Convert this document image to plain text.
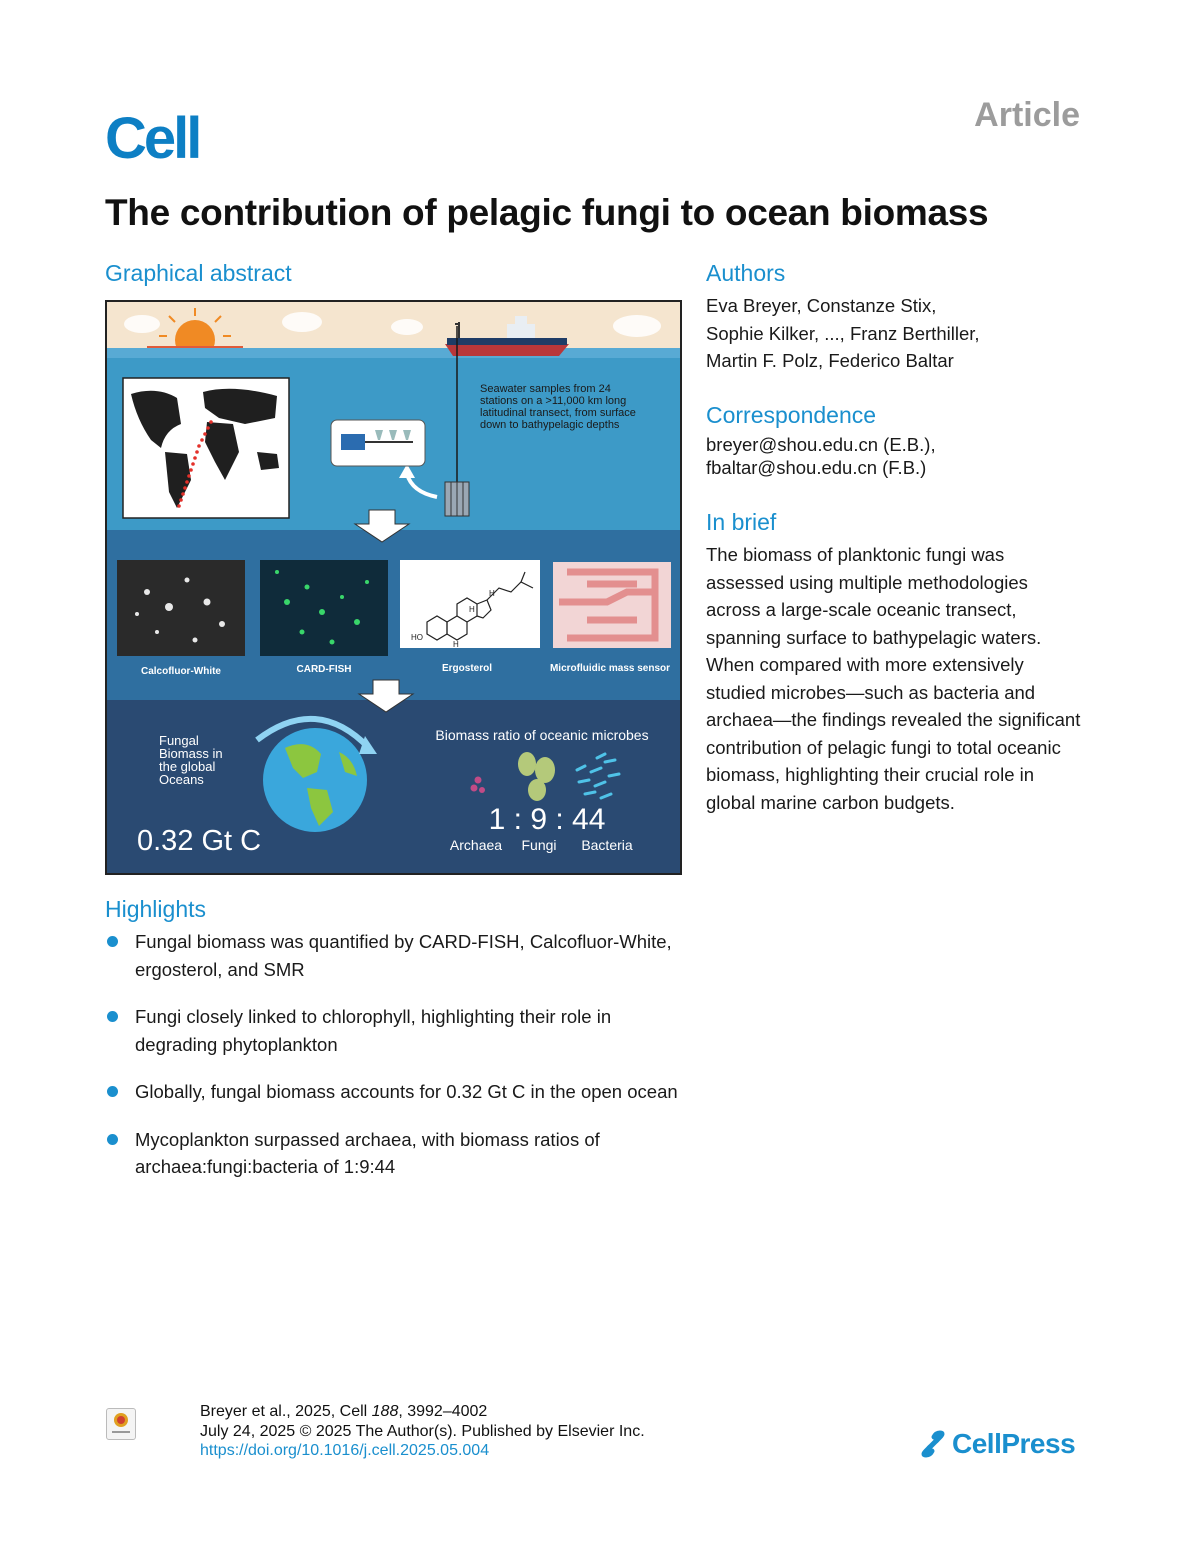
Cell	Article
The contribution of pelagic fungi to ocean biomass
Graphical abstract
Seawater samples from 24
stations on a >11,000 km long
latitudinal transect, from surface
down to bathypelagic depths
HO
H
H
H
Calcofluor-White	CARD-FISH	Ergosterol	Microfluidic mass sensor
Fungal
Biomass in
the global
Oceans
0.32 Gt C
Biomass ratio of oceanic microbes
1 : 9 : 44
Archaea Fungi Bacteria
Authors
Eva Breyer, Constanze Stix,
Sophie Kilker, ..., Franz Berthiller,
Martin F. Polz, Federico Baltar
Correspondence
breyer@shou.edu.cn (E.B.),
fbaltar@shou.edu.cn (F.B.)
In brief
The biomass of planktonic fungi was assessed using multiple methodologies across a large-scale oceanic transect, spanning surface to bathypelagic waters. When compared with more extensively studied microbes—such as bacteria and archaea—the findings revealed the significant contribution of pelagic fungi to total oceanic biomass, highlighting their crucial role in global marine carbon budgets.
Highlights
Fungal biomass was quantified by CARD-FISH, Calcofluor-White, ergosterol, and SMR
Fungi closely linked to chlorophyll, highlighting their role in degrading phytoplankton
Globally, fungal biomass accounts for 0.32 Gt C in the open ocean
Mycoplankton surpassed archaea, with biomass ratios of archaea:fungi:bacteria of 1:9:44
Breyer et al., 2025, Cell 188, 3992–4002
July 24, 2025 © 2025 The Author(s). Published by Elsevier Inc.
https://doi.org/10.1016/j.cell.2025.05.004	CellPress
